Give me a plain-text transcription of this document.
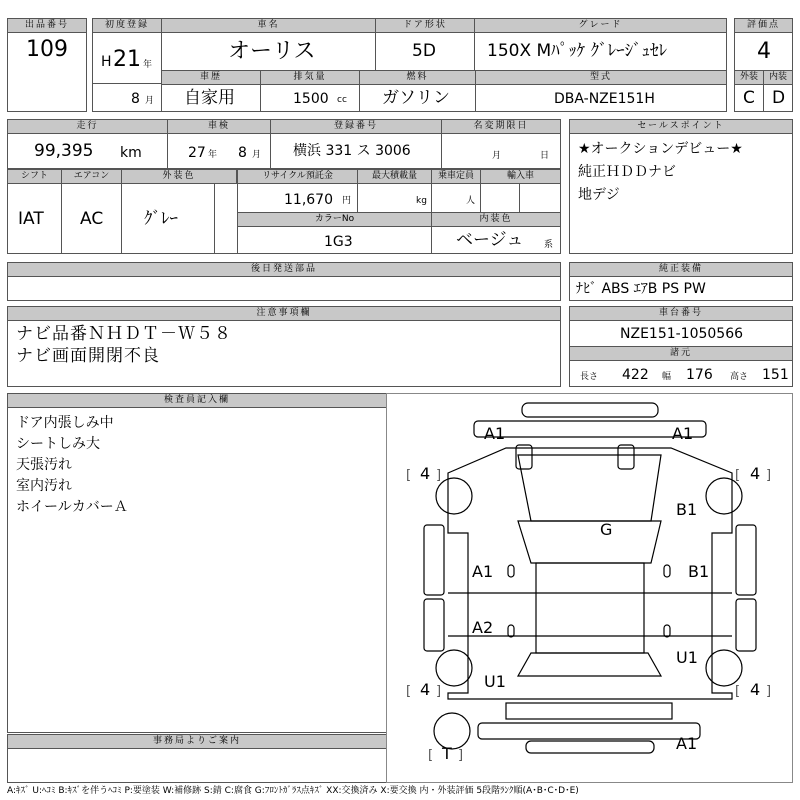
出品番号
109
初度登録
H 21 年
8 月
車名
オーリス
ドア形状
5D
グレード
150X Mﾊﾟｯｹ ｸﾞﾚｰｼﾞｭｾﾚ
評価点
4
車歴
自家用
排気量
1500 cc
燃料
ガソリン
型式
DBA-NZE151H
外装	内装
C D
走行
99,395 km
車検
27 年 8 月
登録番号
横浜 331 ス 3006
名変期限日
月	日
シフト
IAT
エアコン
AC
外装色
ｸﾞﾚｰ
リサイクル預託金
11,670 円
最大積載量
kg
乗車定員
人
輸入車
カラーNo
1G3
内装色
ベージュ 系
セールスポイント
★オークションデビュー★
純正ＨＤＤナビ
地デジ
後日発送部品	純正装備
ﾅﾋﾞ ABS ｴｱB PS PW
注意事項欄
ナビ品番ＮＨＤＴ－Ｗ５８
ナビ画面開閉不良
車台番号
NZE151-1050566
諸元
長さ 422 幅 176 高さ 151
検査員記入欄
ドア内張しみ中
シートしみ大
天張汚れ
室内汚れ
ホイールカバーＡ
事務局よりご案内
[ ]	[ ]
[ ]	[ ]
[ ]
A1	A1
4	4
G
B1
A1	B1
A2
U1
U1
4	4
T
A1
A:ｷｽﾞ U:ﾍｺﾐ B:ｷｽﾞを伴うﾍｺﾐ P:要塗装 W:補修跡 S:錆 C:腐食 G:ﾌﾛﾝﾄｶﾞﾗｽ点ｷｽﾞ XX:交換済み X:要交換 内・外装評価 5段階ﾗﾝｸ順(A･B･C･D･E)
